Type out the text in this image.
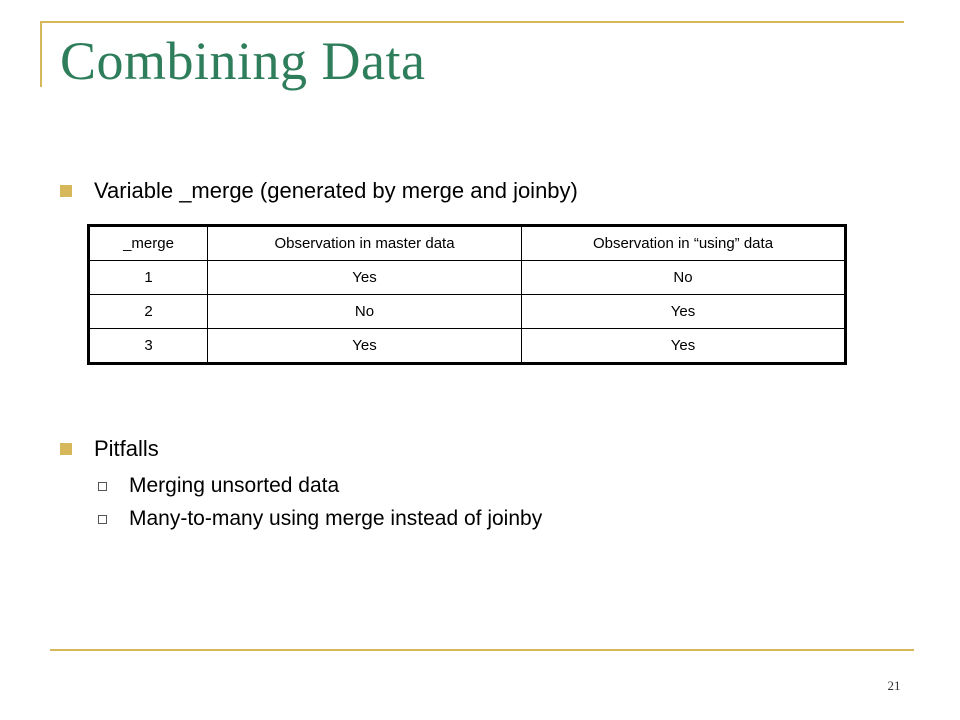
Combining Data
Variable _merge (generated by merge and joinby)
_merge	Observation in master data	Observation in “using” data
1	Yes	No
2	No	Yes
3	Yes	Yes
Pitfalls
Merging unsorted data
Many-to-many using merge instead of joinby
21
